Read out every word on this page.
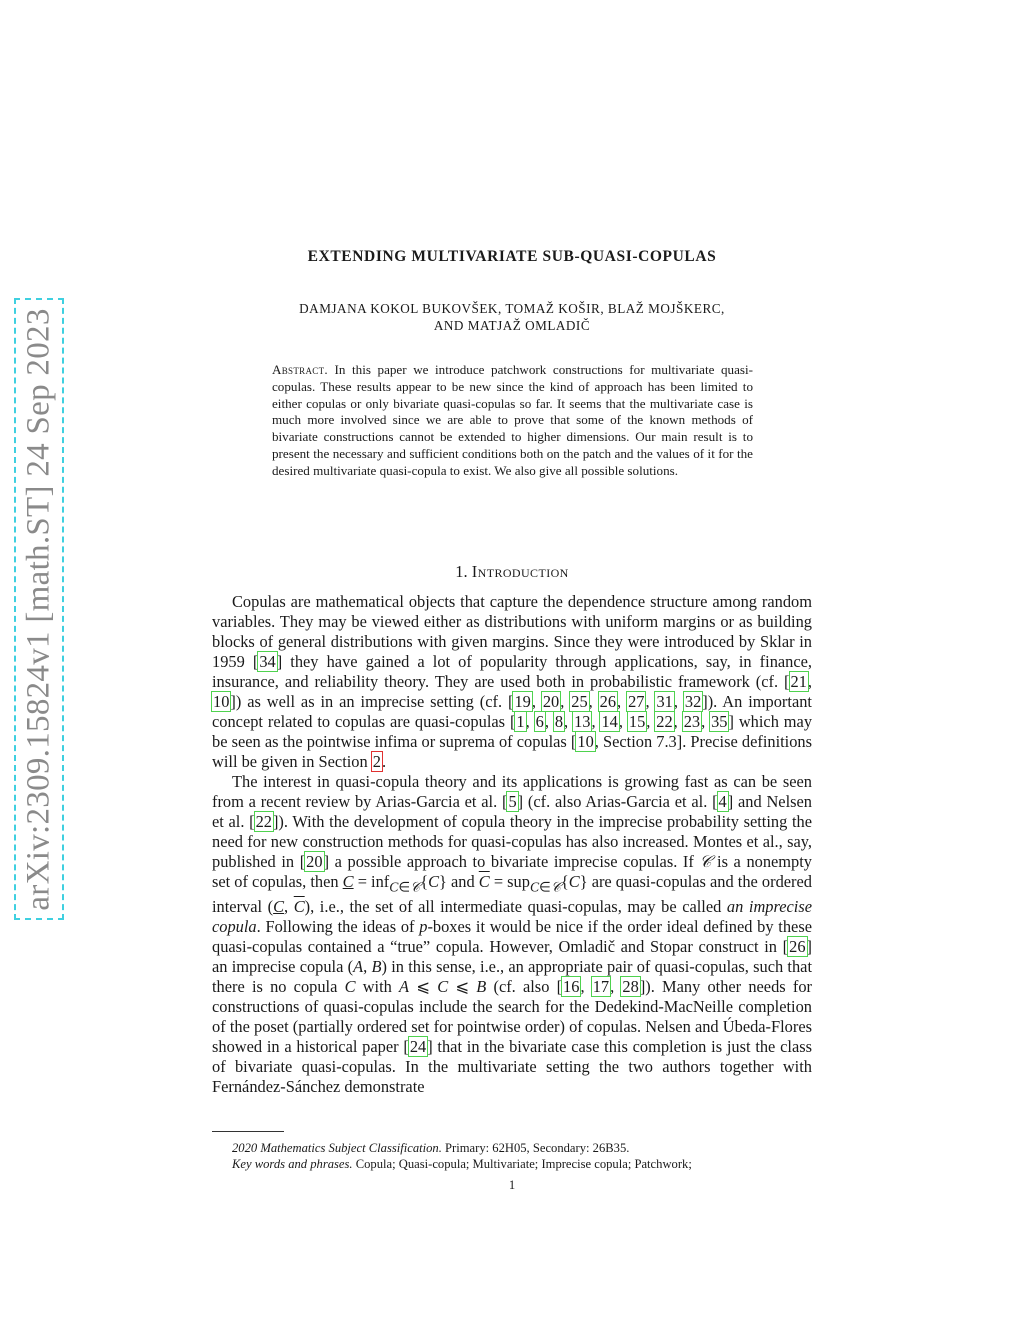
arXiv:2309.15824v1 [math.ST] 24 Sep 2023
EXTENDING MULTIVARIATE SUB-QUASI-COPULAS
DAMJANA KOKOL BUKOVŠEK, TOMAŽ KOŠIR, BLAŽ MOJŠKERC,
AND MATJAŽ OMLADIČ
Abstract. In this paper we introduce patchwork constructions for multivariate quasi-copulas. These results appear to be new since the kind of approach has been limited to either copulas or only bivariate quasi-copulas so far. It seems that the multivariate case is much more involved since we are able to prove that some of the known methods of bivariate constructions cannot be extended to higher dimensions. Our main result is to present the necessary and sufficient conditions both on the patch and the values of it for the desired multivariate quasi-copula to exist. We also give all possible solutions.
1. Introduction

Copulas are mathematical objects that capture the dependence structure among random variables. They may be viewed either as distributions with uniform margins or as building blocks of general distributions with given margins. Since they were introduced by Sklar in 1959 [34] they have gained a lot of popularity through applications, say, in finance, insurance, and reliability theory. They are used both in probabilistic framework (cf. [21, 10]) as well as in an imprecise setting (cf. [19, 20, 25, 26, 27, 31, 32]). An important concept related to copulas are quasi-copulas [1, 6, 8, 13, 14, 15, 22, 23, 35] which may be seen as the pointwise infima or suprema of copulas [10, Section 7.3]. Precise definitions will be given in Section 2.

The interest in quasi-copula theory and its applications is growing fast as can be seen from a recent review by Arias-Garcia et al. [5] (cf. also Arias-Garcia et al. [4] and Nelsen et al. [22]). With the development of copula theory in the imprecise probability setting the need for new construction methods for quasi-copulas has also increased. Montes et al., say, published in [20] a possible approach to bivariate imprecise copulas. If 𝒞 is a nonempty set of copulas, then C = inf$_{C\in 𝒞}${C} and $\overline{C} = sup_{C\in 𝒞}\{C\}$ are quasi-copulas and the ordered interval (C, $\overline{C}$), i.e., the set of all intermediate quasi-copulas, may be called an imprecise copula. Following the ideas of p-boxes it would be nice if the order ideal defined by these quasi-copulas contained a “true” copula. However, Omladič and Stopar construct in [26] an imprecise copula (A, B) in this sense, i.e., an appropriate pair of quasi-copulas, such that there is no copula C with A ⩽ C ⩽ B (cf. also [16, 17, 28]). Many other needs for constructions of quasi-copulas include the search for the Dedekind-MacNeille completion of the poset (partially ordered set for pointwise order) of copulas. Nelsen and Úbeda-Flores showed in a historical paper [24] that in the bivariate case this completion is just the class of bivariate quasi-copulas. In the multivariate setting the two authors together with Fernández-Sánchez demonstrate

2020 Mathematics Subject Classification. Primary: 62H05, Secondary: 26B35.
Key words and phrases. Copula; Quasi-copula; Multivariate; Imprecise copula; Patchwork;
1
